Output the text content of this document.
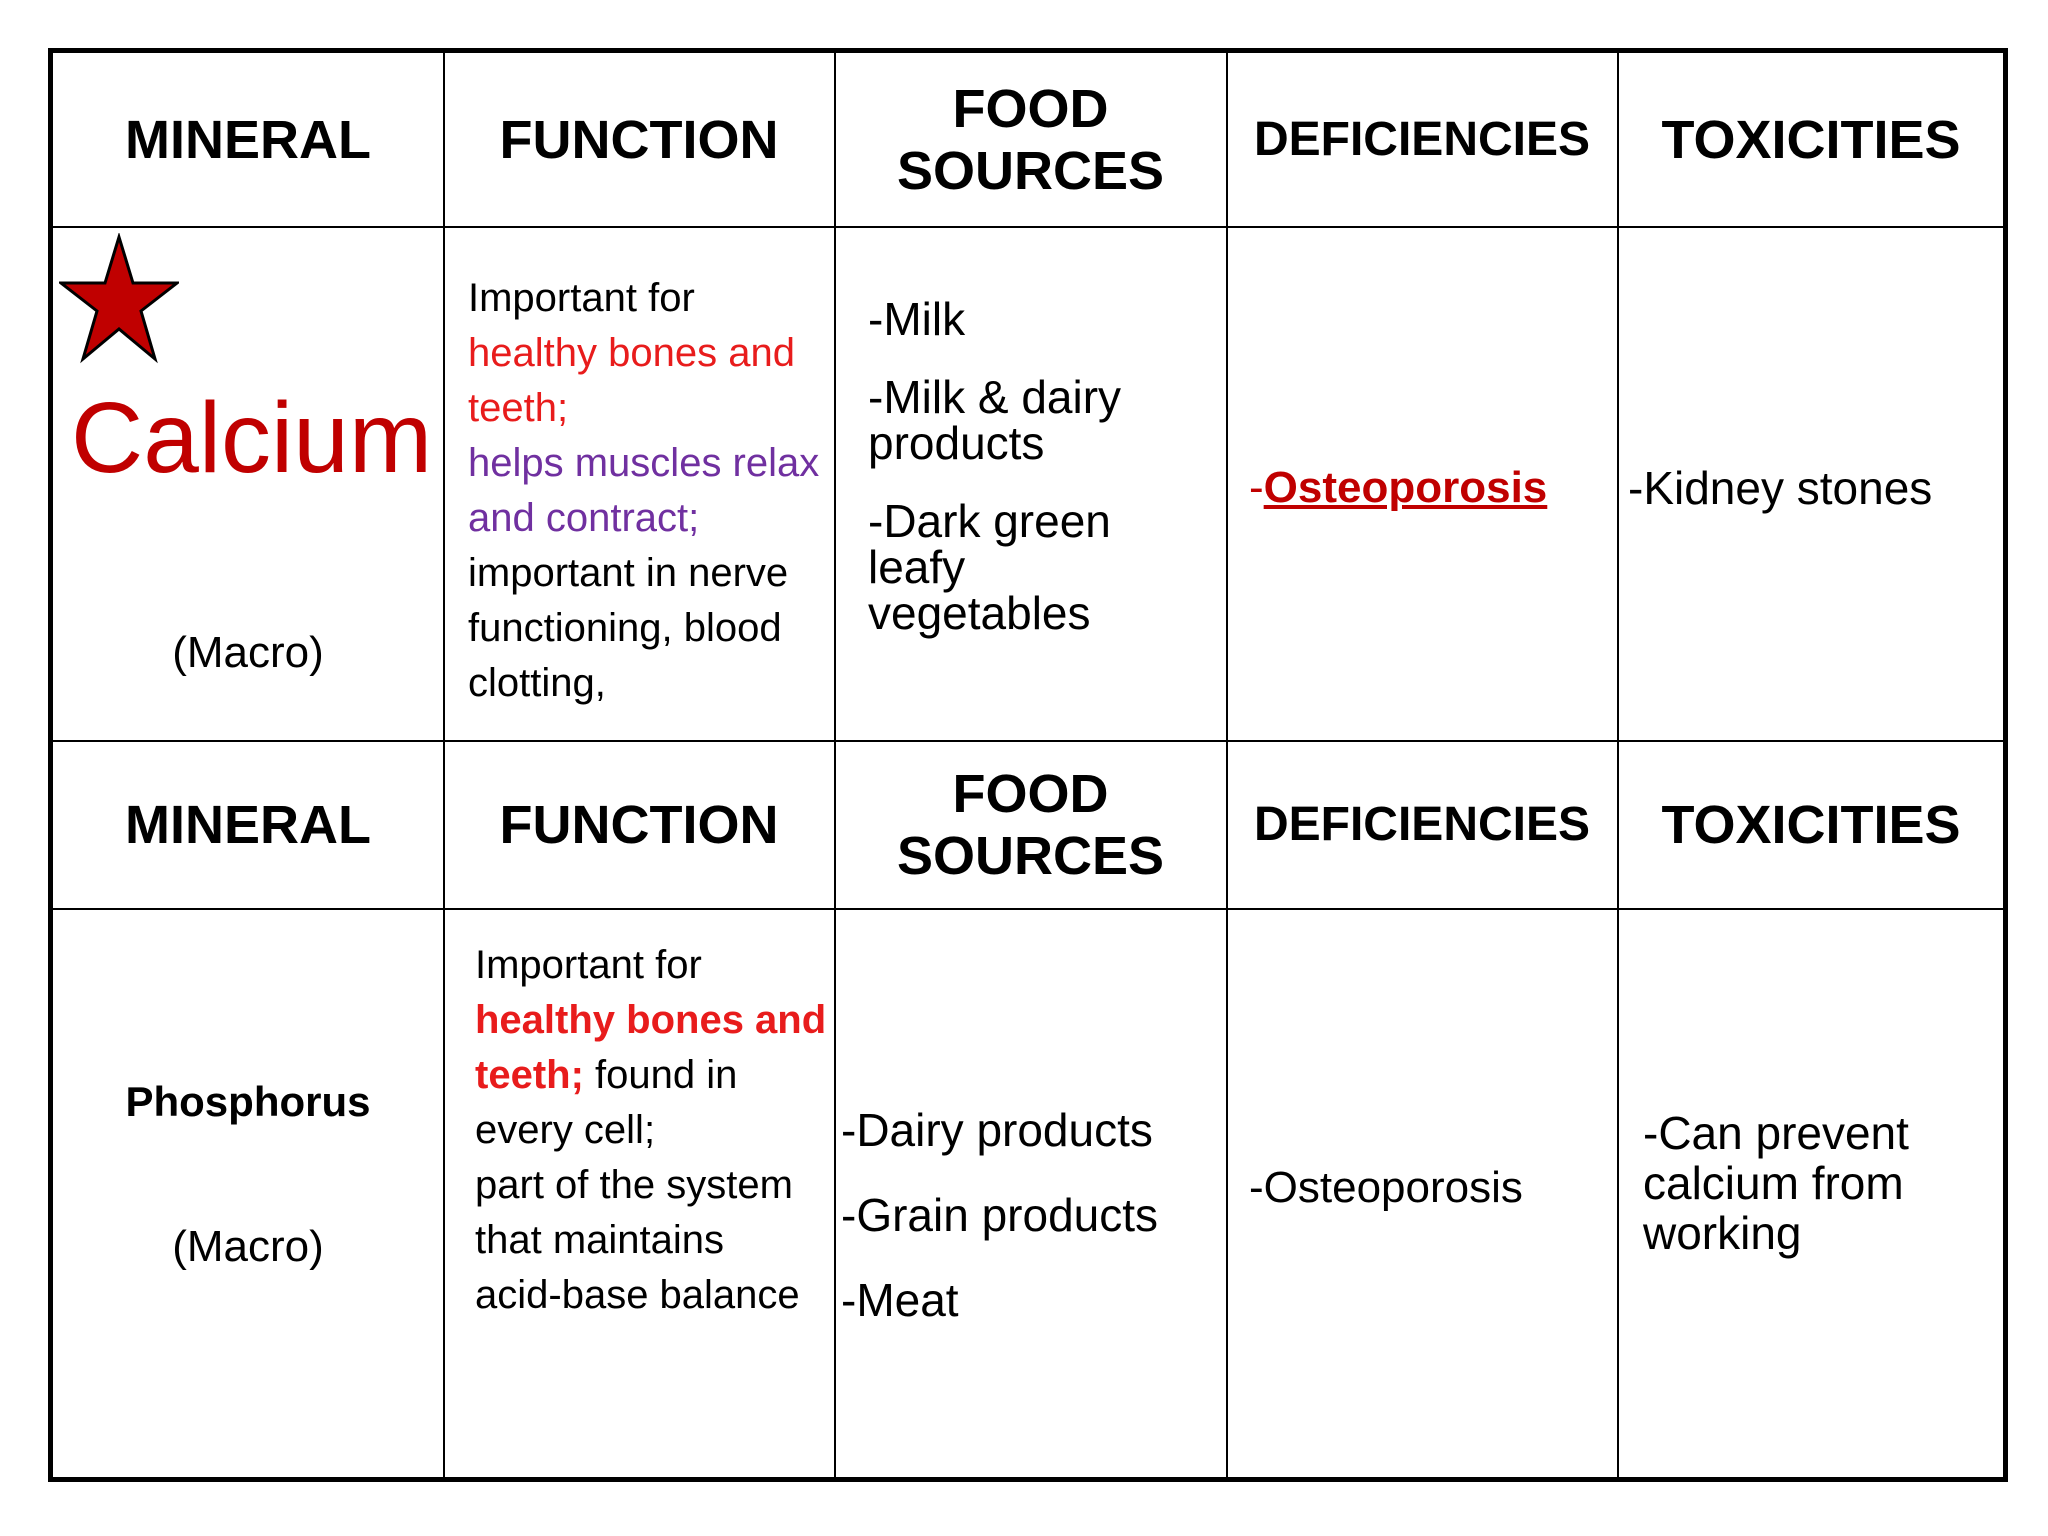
MINERAL FUNCTION
FOOD
SOURCES
DEFICIENCIES TOXICITIES
Calcium
(Macro)
Important for
healthy bones and
teeth;
helps muscles relax
and contract;
important in nerve
functioning, blood
clotting,

-Milk

-Milk & dairy
products

-Dark green
leafy
vegetables

-Osteoporosis	-Kidney stones
MINERAL FUNCTION
FOOD
SOURCES
DEFICIENCIES TOXICITIES
Phosphorus
(Macro)
Important for
healthy bones and
teeth; found in
every cell;
part of the system
that maintains
acid-base balance
-Dairy products
-Grain products
-Meat
-Osteoporosis
-Can prevent
calcium from
working
